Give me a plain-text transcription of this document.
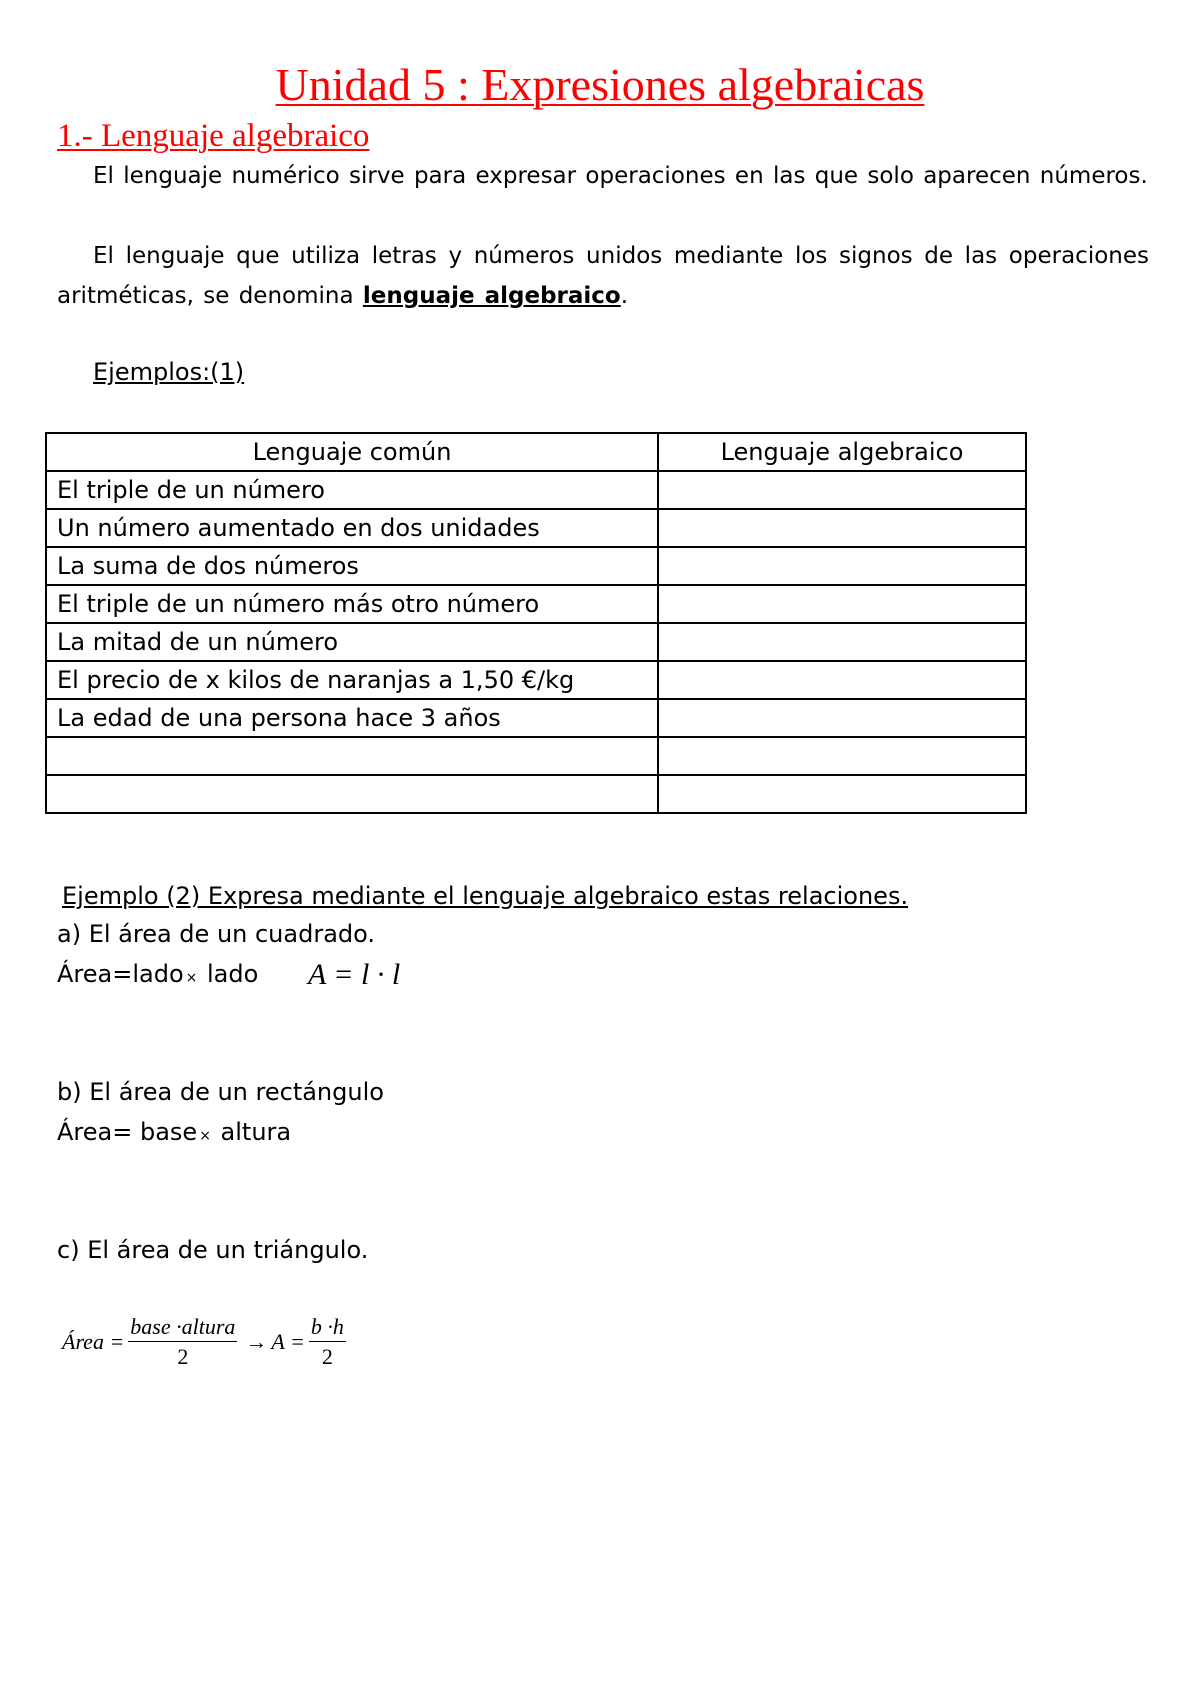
Unidad 5 : Expresiones algebraicas
1.- Lenguaje algebraico

El lenguaje numérico sirve para expresar operaciones en las que solo aparecen números.

El lenguaje que utiliza letras y números unidos mediante los signos de las operaciones aritméticas, se denomina lenguaje algebraico.

Ejemplos:(1)

Lenguaje común	Lenguaje algebraico
El triple de un número	
Un número aumentado en dos unidades	
La suma de dos números	
El triple de un número más otro número	
La mitad de un número	
El precio de x kilos de naranjas a 1,50 €/kg	
La edad de una persona hace 3 años	

Ejemplo (2) Expresa mediante el lenguaje algebraico estas relaciones.

a) El área de un cuadrado.

Área=lado × lado A = l · l

b) El área de un rectángulo

Área= base × altura

c) El área de un triángulo.

Área = $\frac{\text{base ·altura}}{2} \to A = \frac{b \cdot h}{2}$
